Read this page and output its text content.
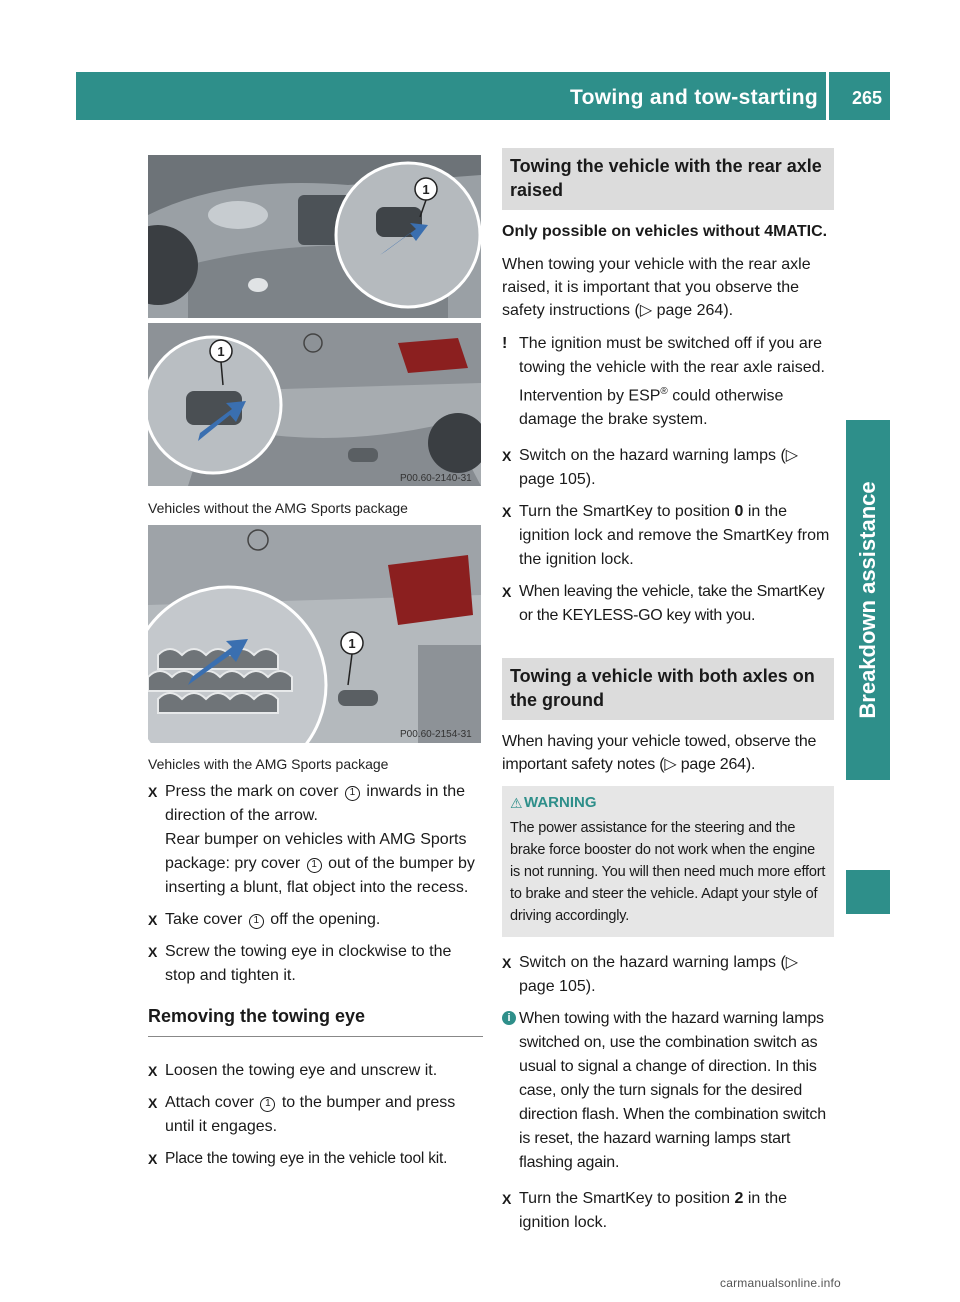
Towing and tow-starting 265
Breakdown assistance
1
1
P00.60-2140-31
Vehicles without the AMG Sports package
1
P00.60-2154-31
Vehicles with the AMG Sports package
X Press the mark on cover 1 inwards in the direction of the arrow.

Rear bumper on vehicles with AMG Sports package: pry cover 1 out of the bumper by inserting a blunt, flat object into the recess.

X Take cover 1 off the opening.

X Screw the towing eye in clockwise to the stop and tighten it.

Removing the towing eye
X Loosen the towing eye and unscrew it.

X Attach cover 1 to the bumper and press until it engages.

X Place the towing eye in the vehicle tool kit.

Towing the vehicle with the rear axle raised
Only possible on vehicles without 4MATIC.
When towing your vehicle with the rear axle raised, it is important that you observe the safety instructions (▷ page 264).
! The ignition must be switched off if you are towing the vehicle with the rear axle raised. Intervention by ESP® could otherwise damage the brake system.
X Switch on the hazard warning lamps (▷ page 105).

X Turn the SmartKey to position 0 in the ignition lock and remove the SmartKey from the ignition lock.

X When leaving the vehicle, take the SmartKey or the KEYLESS-GO key with you.

Towing a vehicle with both axles on the ground
When having your vehicle towed, observe the important safety notes (▷ page 264).
⚠ WARNING
The power assistance for the steering and the brake force booster do not work when the engine is not running. You will then need much more effort to brake and steer the vehicle. Adapt your style of driving accordingly.
X Switch on the hazard warning lamps (▷ page 105).

i When towing with the hazard warning lamps switched on, use the combination switch as usual to signal a change of direction. In this case, only the turn signals for the desired direction flash. When the combination switch is reset, the hazard warning lamps start flashing again.
X Turn the SmartKey to position 2 in the ignition lock.

carmanualsonline.info
